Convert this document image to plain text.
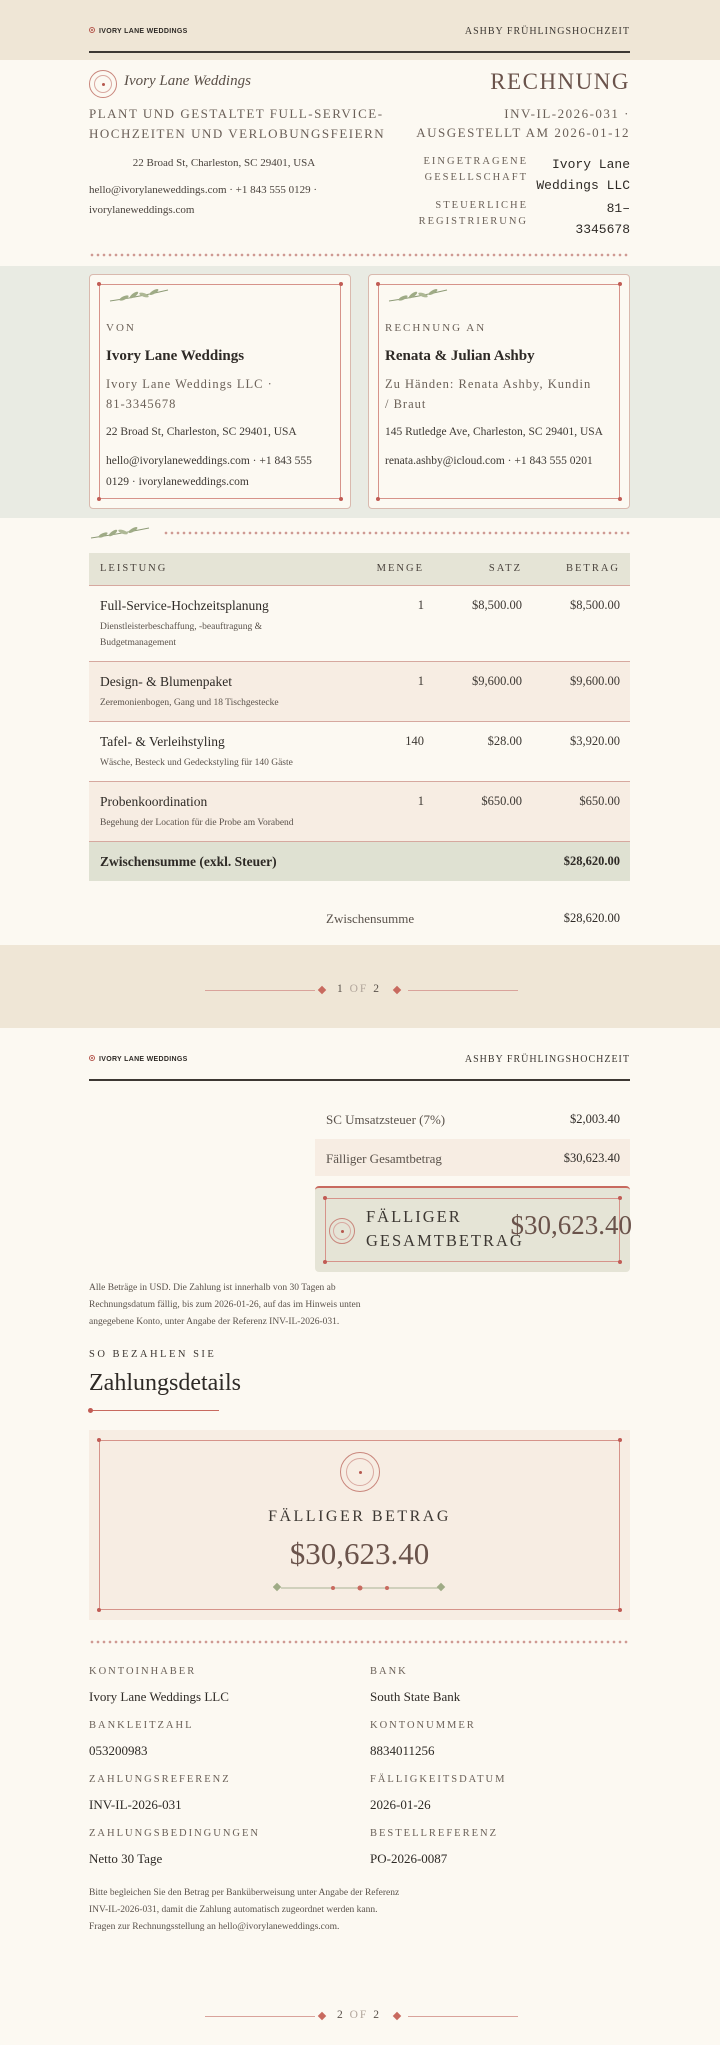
IVORY LANE WEDDINGS	ASHBY FRÜHLINGSHOCHZEIT
Ivory Lane Weddings
PLANT UND GESTALTET FULL-SERVICE-
HOCHZEITEN UND VERLOBUNGSFEIERN
22 Broad St, Charleston, SC 29401, USA
hello@ivorylaneweddings.com · +1 843 555 0129 ·
ivorylaneweddings.com
RECHNUNG
INV-IL-2026-031 ·
AUSGESTELLT AM 2026-01-12
EINGETRAGENE
GESELLSCHAFT
Ivory Lane
Weddings LLC
STEUERLICHE
REGISTRIERUNG
81–
3345678
VON
Ivory Lane Weddings
Ivory Lane Weddings LLC ·
81-3345678
22 Broad St, Charleston, SC 29401, USA
hello@ivorylaneweddings.com · +1 843 555
0129 · ivorylaneweddings.com
RECHNUNG AN
Renata & Julian Ashby
Zu Händen: Renata Ashby, Kundin
/ Braut
145 Rutledge Ave, Charleston, SC 29401, USA
renata.ashby@icloud.com · +1 843 555 0201
LEISTUNG	MENGE	SATZ	BETRAG
Full-Service-Hochzeitsplanung
Dienstleisterbeschaffung, -beauftragung &
Budgetmanagement
1	$8,500.00	$8,500.00
Design- & Blumenpaket
Zeremonienbogen, Gang und 18 Tischgestecke
1	$9,600.00	$9,600.00
Tafel- & Verleihstyling
Wäsche, Besteck und Gedeckstyling für 140 Gäste
140	$28.00	$3,920.00
Probenkoordination
Begehung der Location für die Probe am Vorabend
1	$650.00	$650.00
Zwischensumme (exkl. Steuer)	$28,620.00
Zwischensumme	$28,620.00
1 OF 2
IVORY LANE WEDDINGS	ASHBY FRÜHLINGSHOCHZEIT
SC Umsatzsteuer (7%)	$2,003.40
Fälliger Gesamtbetrag	$30,623.40
FÄLLIGER
GESAMTBETRAG
$30,623.40
Alle Beträge in USD. Die Zahlung ist innerhalb von 30 Tagen ab
Rechnungsdatum fällig, bis zum 2026-01-26, auf das im Hinweis unten
angegebene Konto, unter Angabe der Referenz INV-IL-2026-031.
SO BEZAHLEN SIE
Zahlungsdetails
FÄLLIGER BETRAG
$30,623.40
KONTOINHABER
Ivory Lane Weddings LLC
BANK
South State Bank
BANKLEITZAHL
053200983
KONTONUMMER
8834011256
ZAHLUNGSREFERENZ
INV-IL-2026-031
FÄLLIGKEITSDATUM
2026-01-26
ZAHLUNGSBEDINGUNGEN
Netto 30 Tage
BESTELLREFERENZ
PO-2026-0087
Bitte begleichen Sie den Betrag per Banküberweisung unter Angabe der Referenz
INV-IL-2026-031, damit die Zahlung automatisch zugeordnet werden kann.
Fragen zur Rechnungsstellung an hello@ivorylaneweddings.com.
2 OF 2
